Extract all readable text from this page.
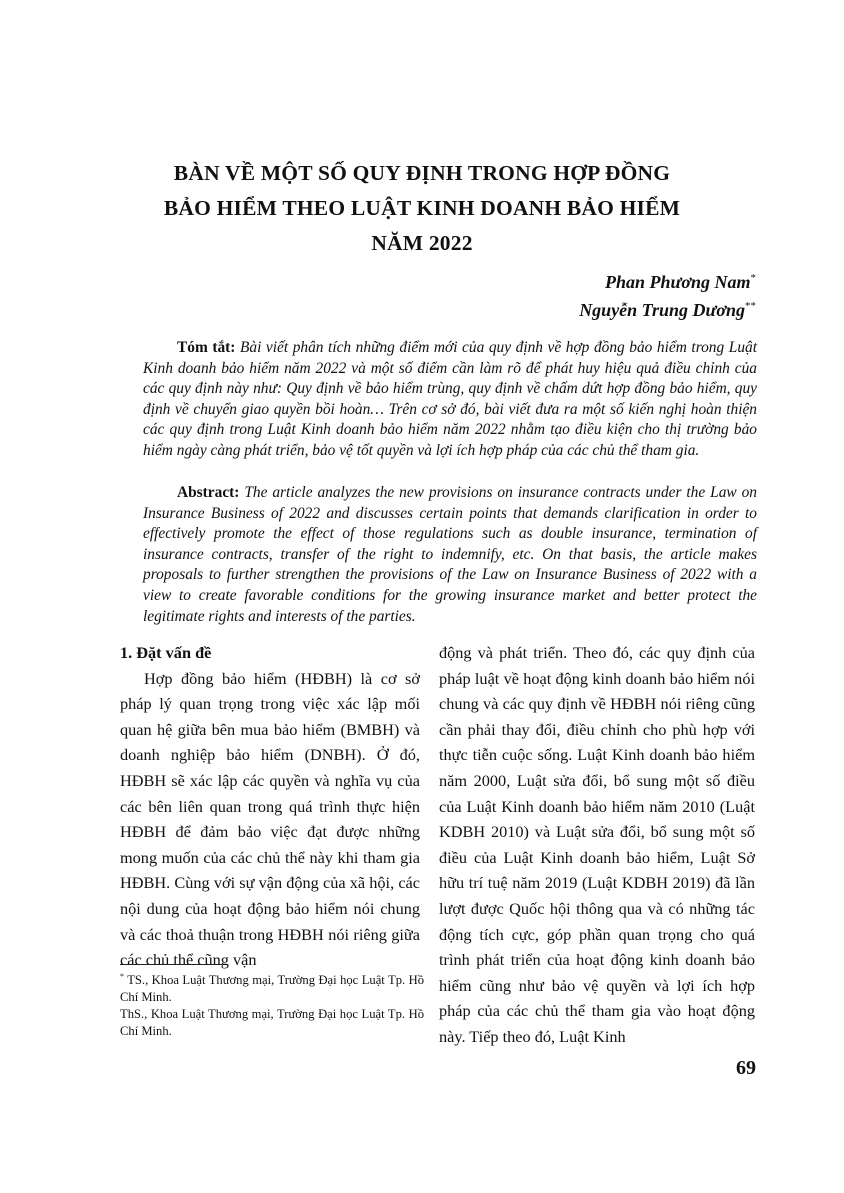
BÀN VỀ MỘT SỐ QUY ĐỊNH TRONG HỢP ĐỒNG
BẢO HIỂM THEO LUẬT KINH DOANH BẢO HIỂM
NĂM 2022
Phan Phương Nam*
Nguyễn Trung Dương**

Tóm tắt: Bài viết phân tích những điểm mới của quy định về hợp đồng bảo hiểm trong Luật Kinh doanh bảo hiểm năm 2022 và một số điểm cần làm rõ để phát huy hiệu quả điều chỉnh của các quy định này như: Quy định về bảo hiểm trùng, quy định về chấm dứt hợp đồng bảo hiểm, quy định về chuyển giao quyền bồi hoàn… Trên cơ sở đó, bài viết đưa ra một số kiến nghị hoàn thiện các quy định trong Luật Kinh doanh bảo hiểm năm 2022 nhằm tạo điều kiện cho thị trường bảo hiểm ngày càng phát triển, bảo vệ tốt quyền và lợi ích hợp pháp của các chủ thể tham gia.

Abstract: The article analyzes the new provisions on insurance contracts under the Law on Insurance Business of 2022 and discusses certain points that demands clarification in order to effectively promote the effect of those regulations such as double insurance, termination of insurance contracts, transfer of the right to indemnify, etc. On that basis, the article makes proposals to further strengthen the provisions of the Law on Insurance Business of 2022 with a view to create favorable conditions for the growing insurance market and better protect the legitimate rights and interests of the parties.

1. Đặt vấn đề

Hợp đồng bảo hiểm (HĐBH) là cơ sở pháp lý quan trọng trong việc xác lập mối quan hệ giữa bên mua bảo hiểm (BMBH) và doanh nghiệp bảo hiểm (DNBH). Ở đó, HĐBH sẽ xác lập các quyền và nghĩa vụ của các bên liên quan trong quá trình thực hiện HĐBH để đảm bảo việc đạt được những mong muốn của các chủ thể này khi tham gia HĐBH. Cùng với sự vận động của xã hội, các nội dung của hoạt động bảo hiểm nói chung và các thoả thuận trong HĐBH nói riêng giữa các chủ thể cũng vận

động và phát triển. Theo đó, các quy định của pháp luật về hoạt động kinh doanh bảo hiểm nói chung và các quy định về HĐBH nói riêng cũng cần phải thay đổi, điều chỉnh cho phù hợp với thực tiễn cuộc sống. Luật Kinh doanh bảo hiểm năm 2000, Luật sửa đổi, bổ sung một số điều của Luật Kinh doanh bảo hiểm năm 2010 (Luật KDBH 2010) và Luật sửa đổi, bổ sung một số điều của Luật Kinh doanh bảo hiểm, Luật Sở hữu trí tuệ năm 2019 (Luật KDBH 2019) đã lần lượt được Quốc hội thông qua và có những tác động tích cực, góp phần quan trọng cho quá trình phát triển của hoạt động kinh doanh bảo hiểm cũng như bảo vệ quyền và lợi ích hợp pháp của các chủ thể tham gia vào hoạt động này. Tiếp theo đó, Luật Kinh

* TS., Khoa Luật Thương mại, Trường Đại học Luật Tp. Hồ Chí Minh.

ThS., Khoa Luật Thương mại, Trường Đại học Luật Tp. Hồ Chí Minh.

69
